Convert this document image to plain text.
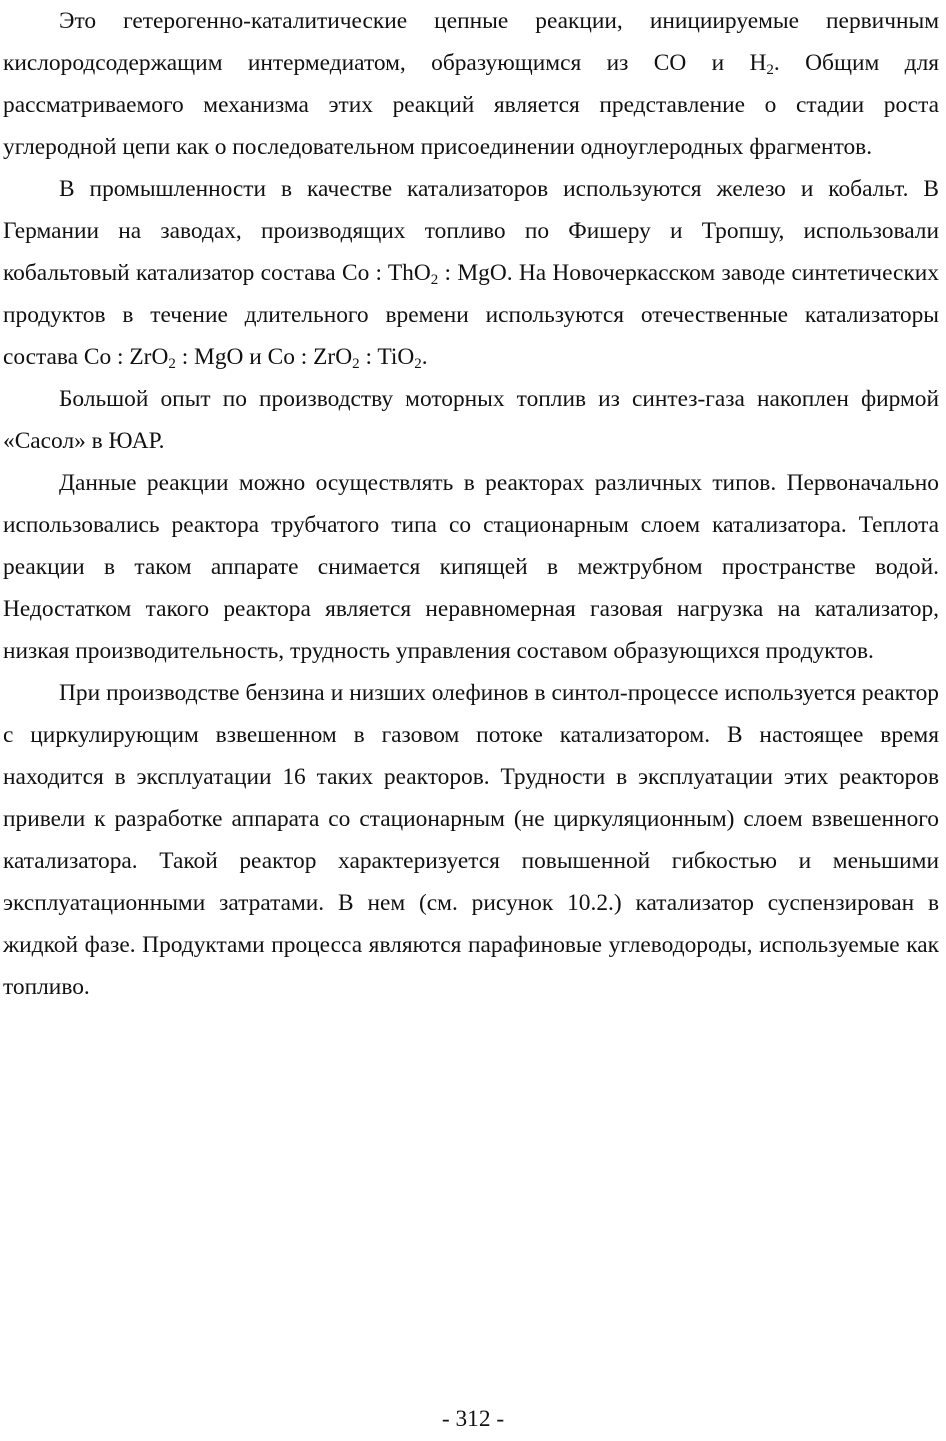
Это гетерогенно-каталитические цепные реакции, инициируемые первичным кислородсодержащим интермедиатом, образующимся из СО и $Н_2$. Общим для рассматриваемого механизма этих реакций является представление о стадии роста углеродной цепи как о последовательном присоединении одноуглеродных фрагментов.

В промышленности в качестве катализаторов используются железо и кобальт. В Германии на заводах, производящих топливо по Фишеру и Тропшу, использовали кобальтовый катализатор состава Co : ThO$_2$ : MgO. На Новочеркасском заводе синтетических продуктов в течение длительного времени используются отечественные катализаторы состава Co : ZrO$_2$ : MgO и Co : ZrO$_2$ : TiO$_2$.

Большой опыт по производству моторных топлив из синтез-газа накоплен фирмой «Сасол» в ЮАР.

Данные реакции можно осуществлять в реакторах различных типов. Первоначально использовались реактора трубчатого типа со стационарным слоем катализатора. Теплота реакции в таком аппарате снимается кипящей в межтрубном пространстве водой. Недостатком такого реактора является неравномерная газовая нагрузка на катализатор, низкая производительность, трудность управления составом образующихся продуктов.

При производстве бензина и низших олефинов в синтол-процессе используется реактор с циркулирующим взвешенном в газовом потоке катализатором. В настоящее время находится в эксплуатации 16 таких реакторов. Трудности в эксплуатации этих реакторов привели к разработке аппарата со стационарным (не циркуляционным) слоем взвешенного катализатора. Такой реактор характеризуется повышенной гибкостью и меньшими эксплуатационными затратами. В нем (см. рисунок 10.2.) катализатор суспензирован в жидкой фазе. Продуктами процесса являются парафиновые углеводороды, используемые как топливо.

- 312 -
